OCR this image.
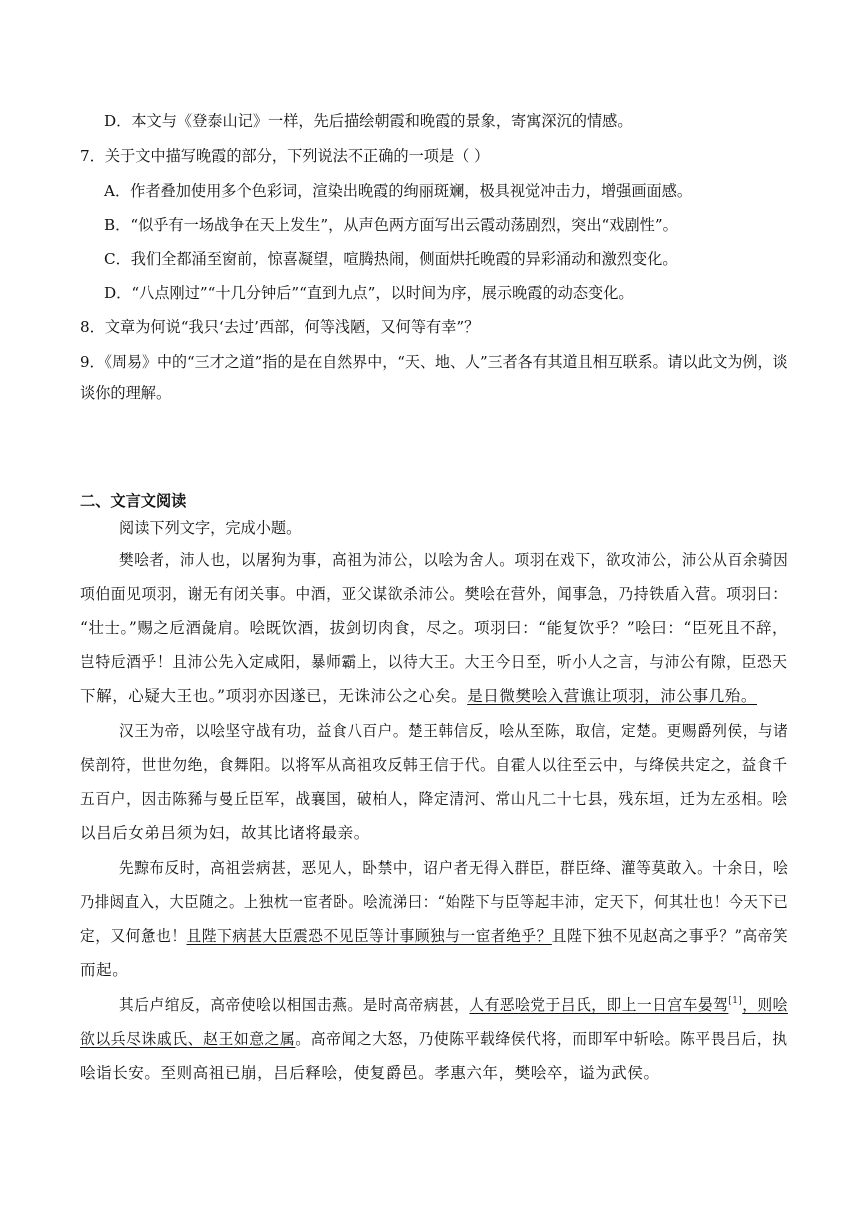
D．本文与《登泰山记》一样，先后描绘朝霞和晚霞的景象，寄寓深沉的情感。
7．关于文中描写晚霞的部分，下列说法不正确的一项是（ ）
A．作者叠加使用多个色彩词，渲染出晚霞的绚丽斑斓，极具视觉冲击力，增强画面感。
B．“似乎有一场战争在天上发生”，从声色两方面写出云霞动荡剧烈，突出“戏剧性”。
C．我们全都涌至窗前，惊喜凝望，喧腾热闹，侧面烘托晚霞的异彩涌动和激烈变化。
D．“八点刚过”“十几分钟后”“直到九点”，以时间为序，展示晚霞的动态变化。
8．文章为何说“我只‘去过’西部，何等浅陋，又何等有幸”？
9．《周易》中的“三才之道”指的是在自然界中，“天、地、人”三者各有其道且相互联系。请以此文为例，谈
谈你的理解。
二、文言文阅读
阅读下列文字，完成小题。
樊哙者，沛人也，以屠狗为事，高祖为沛公，以哙为舍人。项羽在戏下，欲攻沛公，沛公从百余骑因
项伯面见项羽，谢无有闭关事。中酒，亚父谋欲杀沛公。樊哙在营外，闻事急，乃持铁盾入营。项羽曰：
“壮士。”赐之卮酒彘肩。哙既饮酒，拔剑切肉食，尽之。项羽曰：“能复饮乎？”哙曰：“臣死且不辞，
岂特卮酒乎！且沛公先入定咸阳，暴师霸上，以待大王。大王今日至，听小人之言，与沛公有隙，臣恐天
下解，心疑大王也。”项羽亦因遂已，无诛沛公之心矣。是日微樊哙入营谯让项羽，沛公事几殆。
汉王为帝，以哙坚守战有功，益食八百户。楚王韩信反，哙从至陈，取信，定楚。更赐爵列侯，与诸
侯剖符，世世勿绝，食舞阳。以将军从高祖攻反韩王信于代。自霍人以往至云中，与绛侯共定之，益食千
五百户，因击陈豨与曼丘臣军，战襄国，破柏人，降定清河、常山凡二十七县，残东垣，迁为左丞相。哙
以吕后女弟吕须为妇，故其比诸将最亲。
先黥布反时，高祖尝病甚，恶见人，卧禁中，诏户者无得入群臣，群臣绛、灌等莫敢入。十余日，哙
乃排闼直入，大臣随之。上独枕一宦者卧。哙流涕曰：“始陛下与臣等起丰沛，定天下，何其壮也！今天下已
定，又何惫也！且陛下病甚大臣震恐不见臣等计事顾独与一宦者绝乎？且陛下独不见赵高之事乎？”高帝笑
而起。
其后卢绾反，高帝使哙以相国击燕。是时高帝病甚，人有恶哙党于吕氏，即上一日宫车晏驾[1]，则哙
欲以兵尽诛戚氏、赵王如意之属。高帝闻之大怒，乃使陈平载绛侯代将，而即军中斩哙。陈平畏吕后，执
哙诣长安。至则高祖已崩，吕后释哙，使复爵邑。孝惠六年，樊哙卒，谥为武侯。
